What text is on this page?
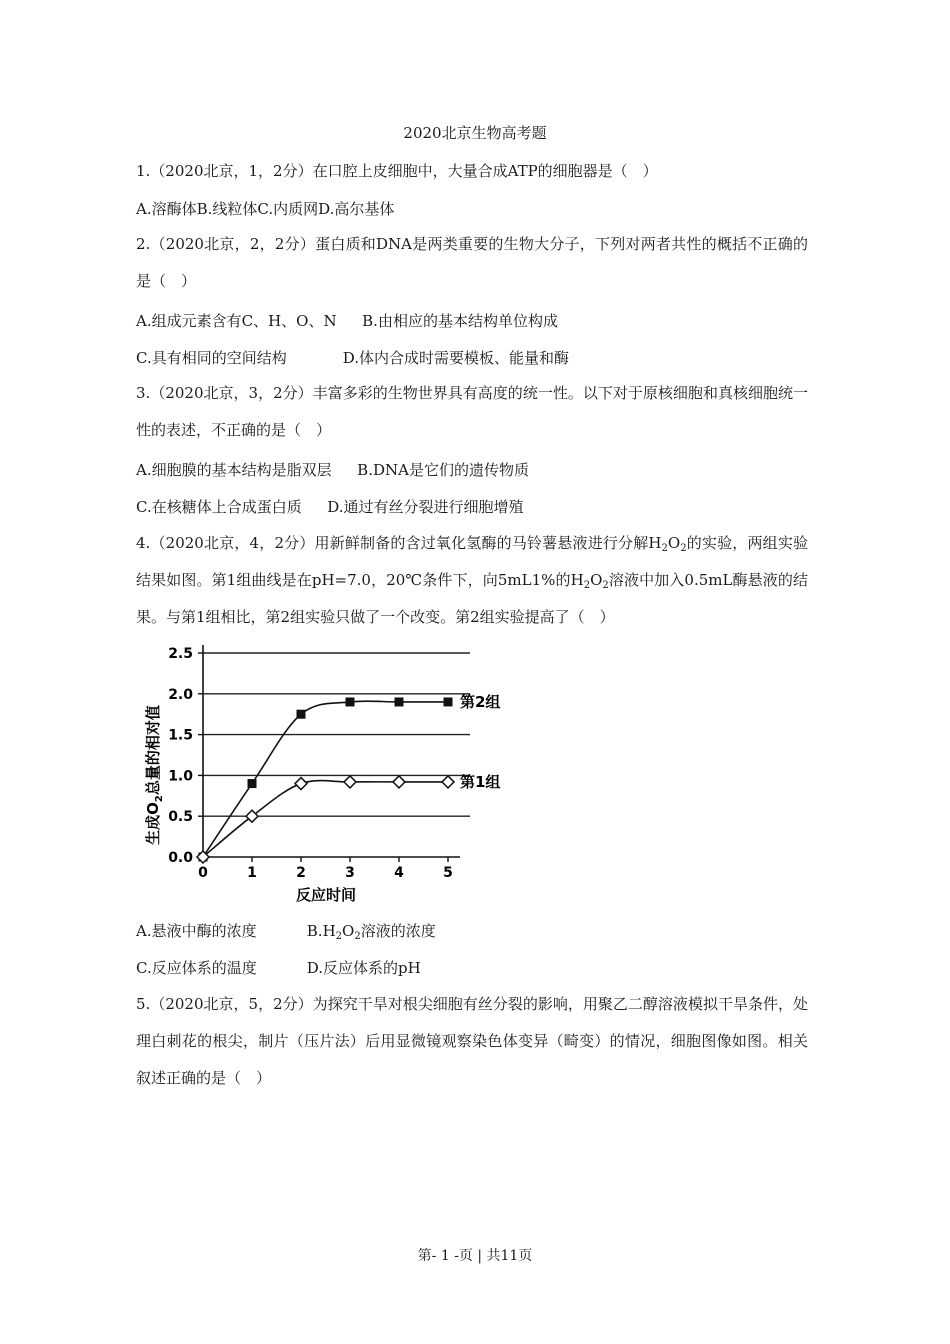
2020北京生物高考题
1.（2020北京，1，2分）在口腔上皮细胞中，大量合成ATP的细胞器是（　）
A.溶酶体B.线粒体C.内质网D.高尔基体
2.（2020北京，2，2分）蛋白质和DNA是两类重要的生物大分子，下列对两者共性的概括不正确的是（　）
A.组成元素含有C、H、O、N B.由相应的基本结构单位构成
C.具有相同的空间结构	D.体内合成时需要模板、能量和酶
3.（2020北京，3，2分）丰富多彩的生物世界具有高度的统一性。以下对于原核细胞和真核细胞统一性的表述，不正确的是（　）
A.细胞膜的基本结构是脂双层 B.DNA是它们的遗传物质
C.在核糖体上合成蛋白质 D.通过有丝分裂进行细胞增殖
4.（2020北京，4，2分）用新鲜制备的含过氧化氢酶的马铃薯悬液进行分解$H_2O_2$的实验，两组实验结果如图。第1组曲线是在pH=7.0，20℃条件下，向5mL1%的$H_2O_2$溶液中加入0.5mL酶悬液的结果。与第1组相比，第2组实验只做了一个改变。第2组实验提高了（　）
0.0
0.5
1.0
1.5
2.0
2.5
0	1	2	3	4	5
第2组
第1组
反应时间
生成$O_2$总量的相对值
A.悬液中酶的浓度	$B.H_2O_2$溶液的浓度
C.反应体系的温度	D.反应体系的pH
5.（2020北京，5，2分）为探究干旱对根尖细胞有丝分裂的影响，用聚乙二醇溶液模拟干旱条件，处理白刺花的根尖，制片（压片法）后用显微镜观察染色体变异（畸变）的情况，细胞图像如图。相关叙述正确的是（　）
第- 1 -页 | 共11页
